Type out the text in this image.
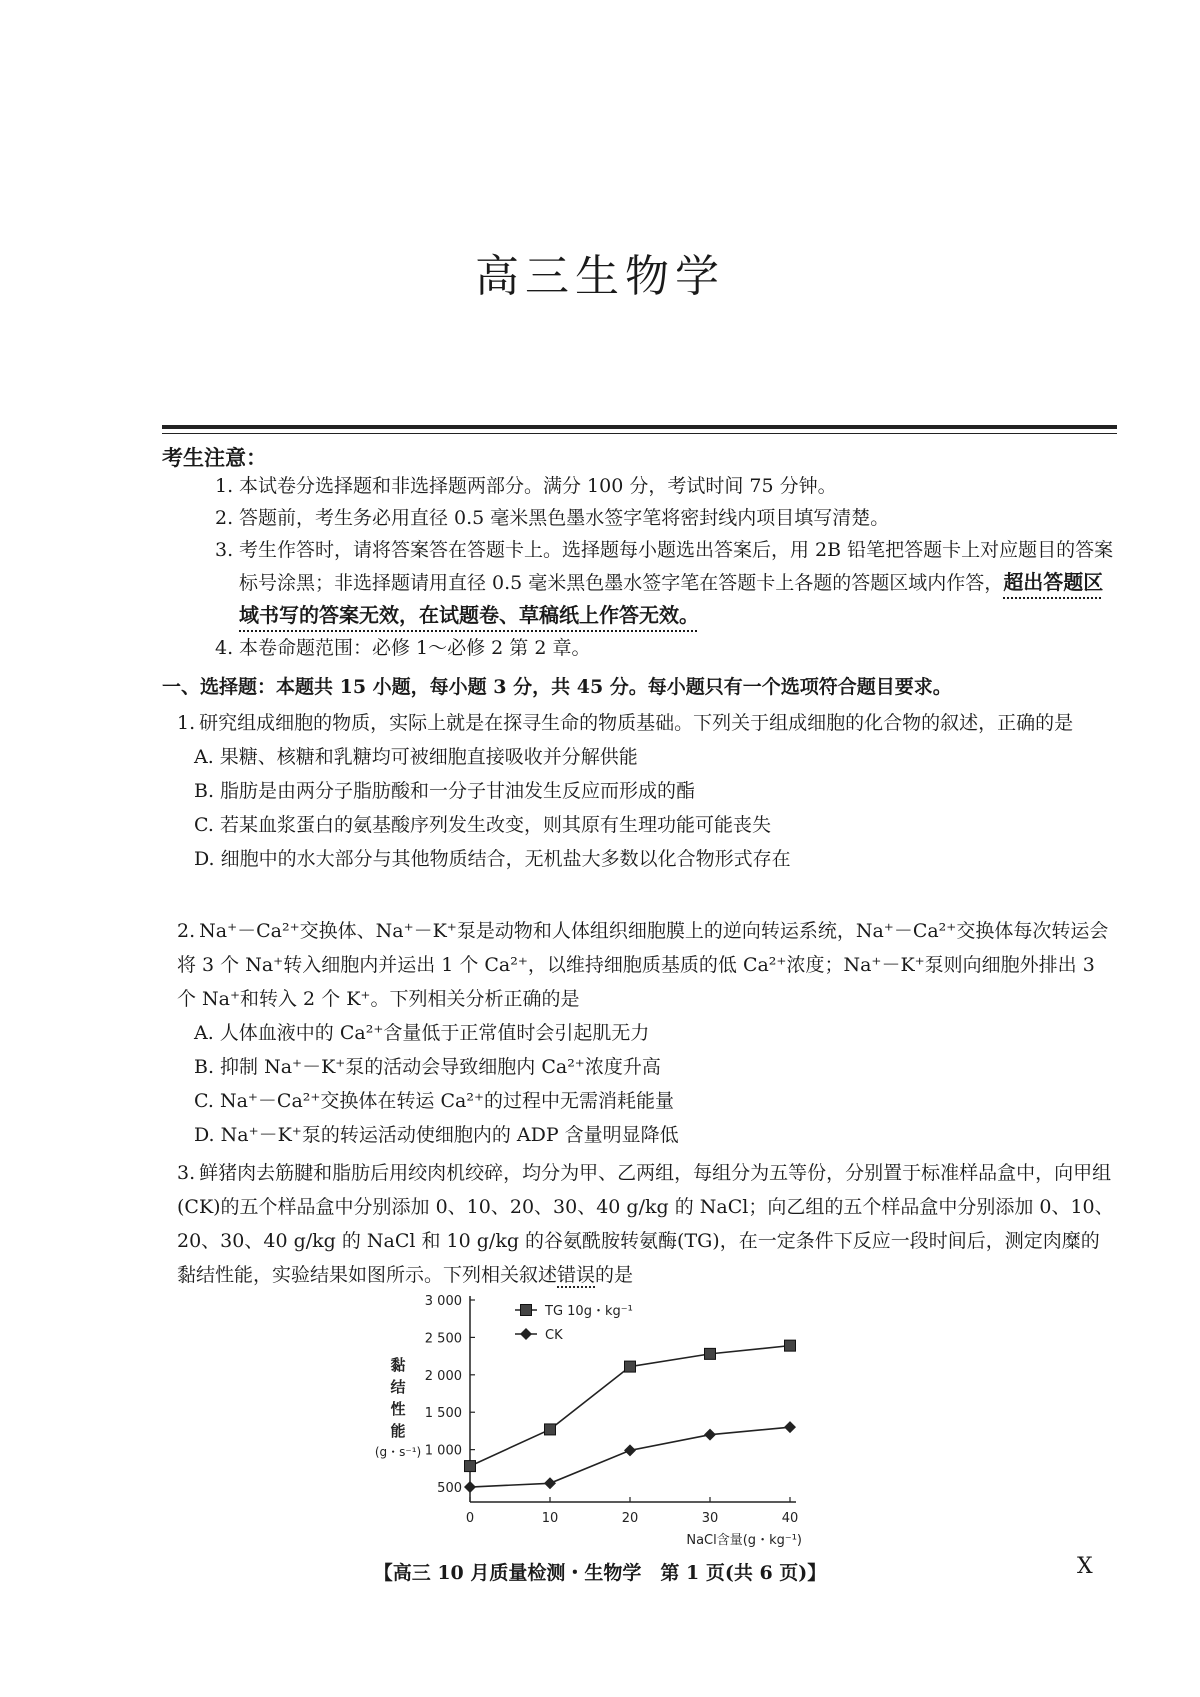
高三生物学
考生注意：
1. 本试卷分选择题和非选择题两部分。满分 100 分，考试时间 75 分钟。
2. 答题前，考生务必用直径 0.5 毫米黑色墨水签字笔将密封线内项目填写清楚。
3. 考生作答时，请将答案答在答题卡上。选择题每小题选出答案后，用 2B 铅笔把答题卡上对应题目的答案标号涂黑；非选择题请用直径 0.5 毫米黑色墨水签字笔在答题卡上各题的答题区域内作答，超出答题区域书写的答案无效，在试题卷、草稿纸上作答无效。
4. 本卷命题范围：必修 1～必修 2 第 2 章。
一、选择题：本题共 15 小题，每小题 3 分，共 45 分。每小题只有一个选项符合题目要求。
1. 研究组成细胞的物质，实际上就是在探寻生命的物质基础。下列关于组成细胞的化合物的叙述，正确的是
A. 果糖、核糖和乳糖均可被细胞直接吸收并分解供能
B. 脂肪是由两分子脂肪酸和一分子甘油发生反应而形成的酯
C. 若某血浆蛋白的氨基酸序列发生改变，则其原有生理功能可能丧失
D. 细胞中的水大部分与其他物质结合，无机盐大多数以化合物形式存在
2. Na⁺－Ca²⁺交换体、Na⁺－K⁺泵是动物和人体组织细胞膜上的逆向转运系统，Na⁺－Ca²⁺交换体每次转运会将 3 个 Na⁺转入细胞内并运出 1 个 Ca²⁺，以维持细胞质基质的低 Ca²⁺浓度；Na⁺－K⁺泵则向细胞外排出 3 个 Na⁺和转入 2 个 K⁺。下列相关分析正确的是
A. 人体血液中的 Ca²⁺含量低于正常值时会引起肌无力
B. 抑制 Na⁺－K⁺泵的活动会导致细胞内 Ca²⁺浓度升高
C. Na⁺－Ca²⁺交换体在转运 Ca²⁺的过程中无需消耗能量
D. Na⁺－K⁺泵的转运活动使细胞内的 ADP 含量明显降低
3. 鲜猪肉去筋腱和脂肪后用绞肉机绞碎，均分为甲、乙两组，每组分为五等份，分别置于标准样品盒中，向甲组(CK)的五个样品盒中分别添加 0、10、20、30、40 g/kg 的 NaCl；向乙组的五个样品盒中分别添加 0、10、20、30、40 g/kg 的 NaCl 和 10 g/kg 的谷氨酰胺转氨酶(TG)，在一定条件下反应一段时间后，测定肉糜的黏结性能，实验结果如图所示。下列相关叙述错误的是
500
1 000
1 500
2 000
2 500
3 000
0	10	20	30	40
NaCl含量(g・kg⁻¹)
黏
结
性
能
(g・s⁻¹)
TG 10g・kg⁻¹
CK
【高三 10 月质量检测・生物学　第 1 页(共 6 页)】	X
